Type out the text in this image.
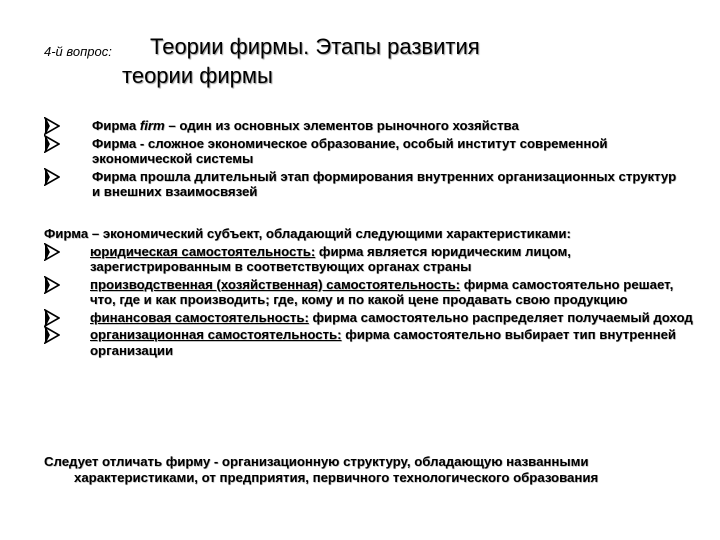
4-й вопрос:	Теории фирмы. Этапы развития
теории фирмы
Фирма firm – один из основных элементов рыночного хозяйства
Фирма - сложное экономическое образование, особый институт современной экономической системы
Фирма прошла длительный этап формирования внутренних организационных структур и внешних взаимосвязей
Фирма – экономический субъект, обладающий следующими характеристиками:
юридическая самостоятельность: фирма является юридическим лицом, зарегистрированным в соответствующих органах страны
производственная (хозяйственная) самостоятельность: фирма самостоятельно решает, что, где и как производить; где, кому и по какой цене продавать свою продукцию
финансовая самостоятельность: фирма самостоятельно распределяет получаемый доход
организационная самостоятельность: фирма самостоятельно выбирает тип внутренней организации
Следует отличать фирму - организационную структуру, обладающую названными характеристиками, от предприятия, первичного технологического образования
